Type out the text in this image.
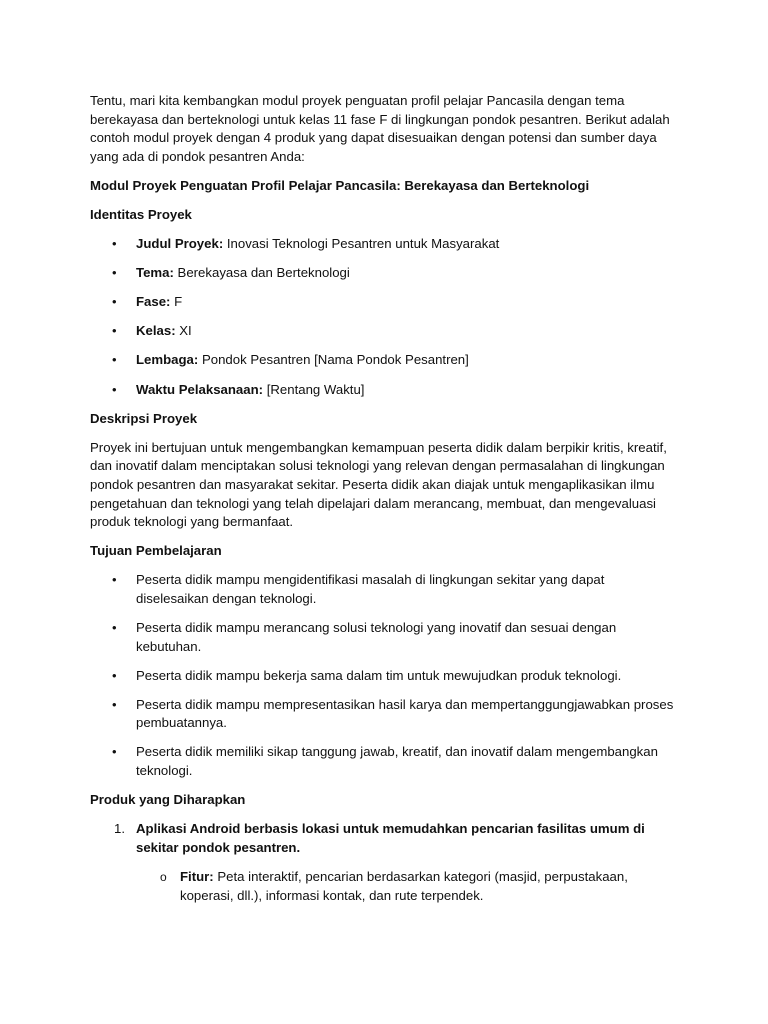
Tentu, mari kita kembangkan modul proyek penguatan profil pelajar Pancasila dengan tema berekayasa dan berteknologi untuk kelas 11 fase F di lingkungan pondok pesantren. Berikut adalah contoh modul proyek dengan 4 produk yang dapat disesuaikan dengan potensi dan sumber daya yang ada di pondok pesantren Anda:

Modul Proyek Penguatan Profil Pelajar Pancasila: Berekayasa dan Berteknologi

Identitas Proyek

• Judul Proyek: Inovasi Teknologi Pesantren untuk Masyarakat
• Tema: Berekayasa dan Berteknologi
• Fase: F
• Kelas: XI
• Lembaga: Pondok Pesantren [Nama Pondok Pesantren]
• Waktu Pelaksanaan: [Rentang Waktu]

Deskripsi Proyek

Proyek ini bertujuan untuk mengembangkan kemampuan peserta didik dalam berpikir kritis, kreatif, dan inovatif dalam menciptakan solusi teknologi yang relevan dengan permasalahan di lingkungan pondok pesantren dan masyarakat sekitar. Peserta didik akan diajak untuk mengaplikasikan ilmu pengetahuan dan teknologi yang telah dipelajari dalam merancang, membuat, dan mengevaluasi produk teknologi yang bermanfaat.

Tujuan Pembelajaran

• Peserta didik mampu mengidentifikasi masalah di lingkungan sekitar yang dapat diselesaikan dengan teknologi.
• Peserta didik mampu merancang solusi teknologi yang inovatif dan sesuai dengan kebutuhan.
• Peserta didik mampu bekerja sama dalam tim untuk mewujudkan produk teknologi.
• Peserta didik mampu mempresentasikan hasil karya dan mempertanggungjawabkan proses pembuatannya.
• Peserta didik memiliki sikap tanggung jawab, kreatif, dan inovatif dalam mengembangkan teknologi.

Produk yang Diharapkan

1. Aplikasi Android berbasis lokasi untuk memudahkan pencarian fasilitas umum di sekitar pondok pesantren.
o Fitur: Peta interaktif, pencarian berdasarkan kategori (masjid, perpustakaan, koperasi, dll.), informasi kontak, dan rute terpendek.
